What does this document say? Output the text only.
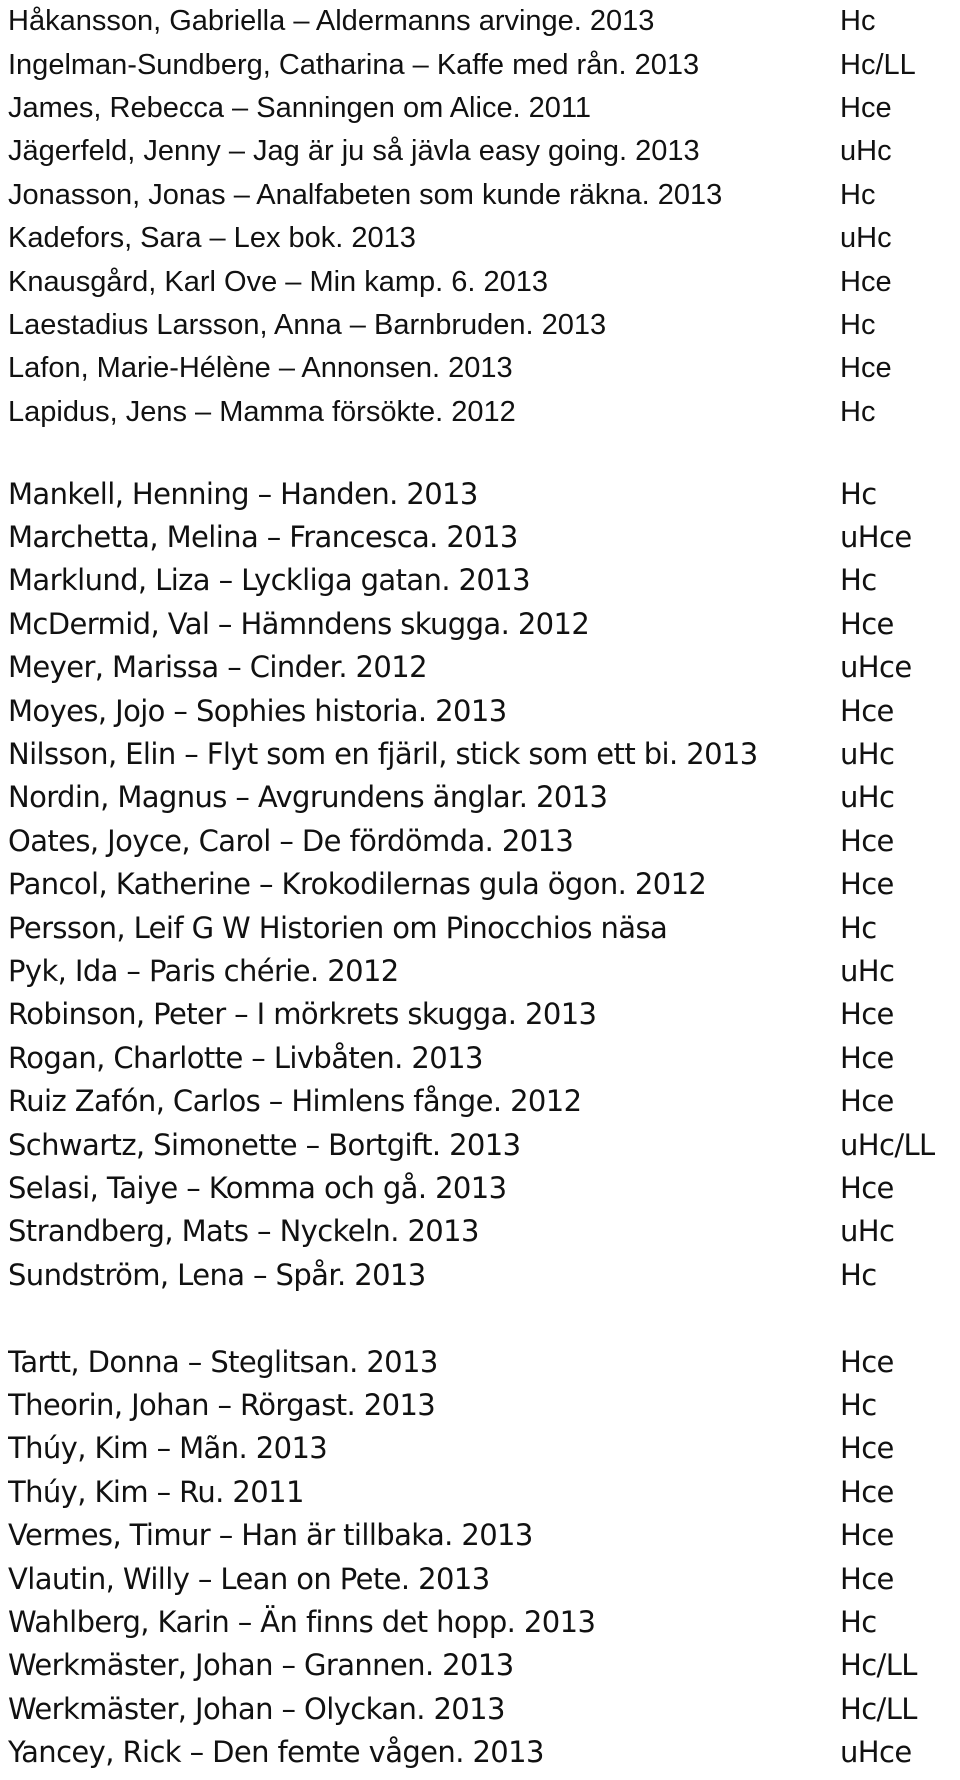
Håkansson, Gabriella – Aldermanns arvinge. 2013	Hc
Ingelman-Sundberg, Catharina – Kaffe med rån. 2013	Hc/LL
James, Rebecca – Sanningen om Alice. 2011	Hce
Jägerfeld, Jenny – Jag är ju så jävla easy going. 2013	uHc
Jonasson, Jonas – Analfabeten som kunde räkna. 2013	Hc
Kadefors, Sara – Lex bok. 2013	uHc
Knausgård, Karl Ove – Min kamp. 6. 2013	Hce
Laestadius Larsson, Anna – Barnbruden. 2013	Hc
Lafon, Marie-Hélène – Annonsen. 2013	Hce
Lapidus, Jens – Mamma försökte. 2012	Hc
Mankell, Henning – Handen. 2013	Hc
Marchetta, Melina – Francesca. 2013	uHce
Marklund, Liza – Lyckliga gatan. 2013	Hc
McDermid, Val – Hämndens skugga. 2012	Hce
Meyer, Marissa – Cinder. 2012	uHce
Moyes, Jojo – Sophies historia. 2013	Hce
Nilsson, Elin – Flyt som en fjäril, stick som ett bi. 2013	uHc
Nordin, Magnus – Avgrundens änglar. 2013	uHc
Oates, Joyce, Carol – De fördömda. 2013	Hce
Pancol, Katherine – Krokodilernas gula ögon. 2012	Hce
Persson, Leif G W Historien om Pinocchios näsa	Hc
Pyk, Ida – Paris chérie. 2012	uHc
Robinson, Peter – I mörkrets skugga. 2013	Hce
Rogan, Charlotte – Livbåten. 2013	Hce
Ruiz Zafón, Carlos – Himlens fånge. 2012	Hce
Schwartz, Simonette – Bortgift. 2013	uHc/LL
Selasi, Taiye – Komma och gå. 2013	Hce
Strandberg, Mats – Nyckeln. 2013	uHc
Sundström, Lena – Spår. 2013	Hc
Tartt, Donna – Steglitsan. 2013	Hce
Theorin, Johan – Rörgast. 2013	Hc
Thúy, Kim – Mãn. 2013	Hce
Thúy, Kim – Ru. 2011	Hce
Vermes, Timur – Han är tillbaka. 2013	Hce
Vlautin, Willy – Lean on Pete. 2013	Hce
Wahlberg, Karin – Än finns det hopp. 2013	Hc
Werkmäster, Johan – Grannen. 2013	Hc/LL
Werkmäster, Johan – Olyckan. 2013	Hc/LL
Yancey, Rick – Den femte vågen. 2013	uHce
